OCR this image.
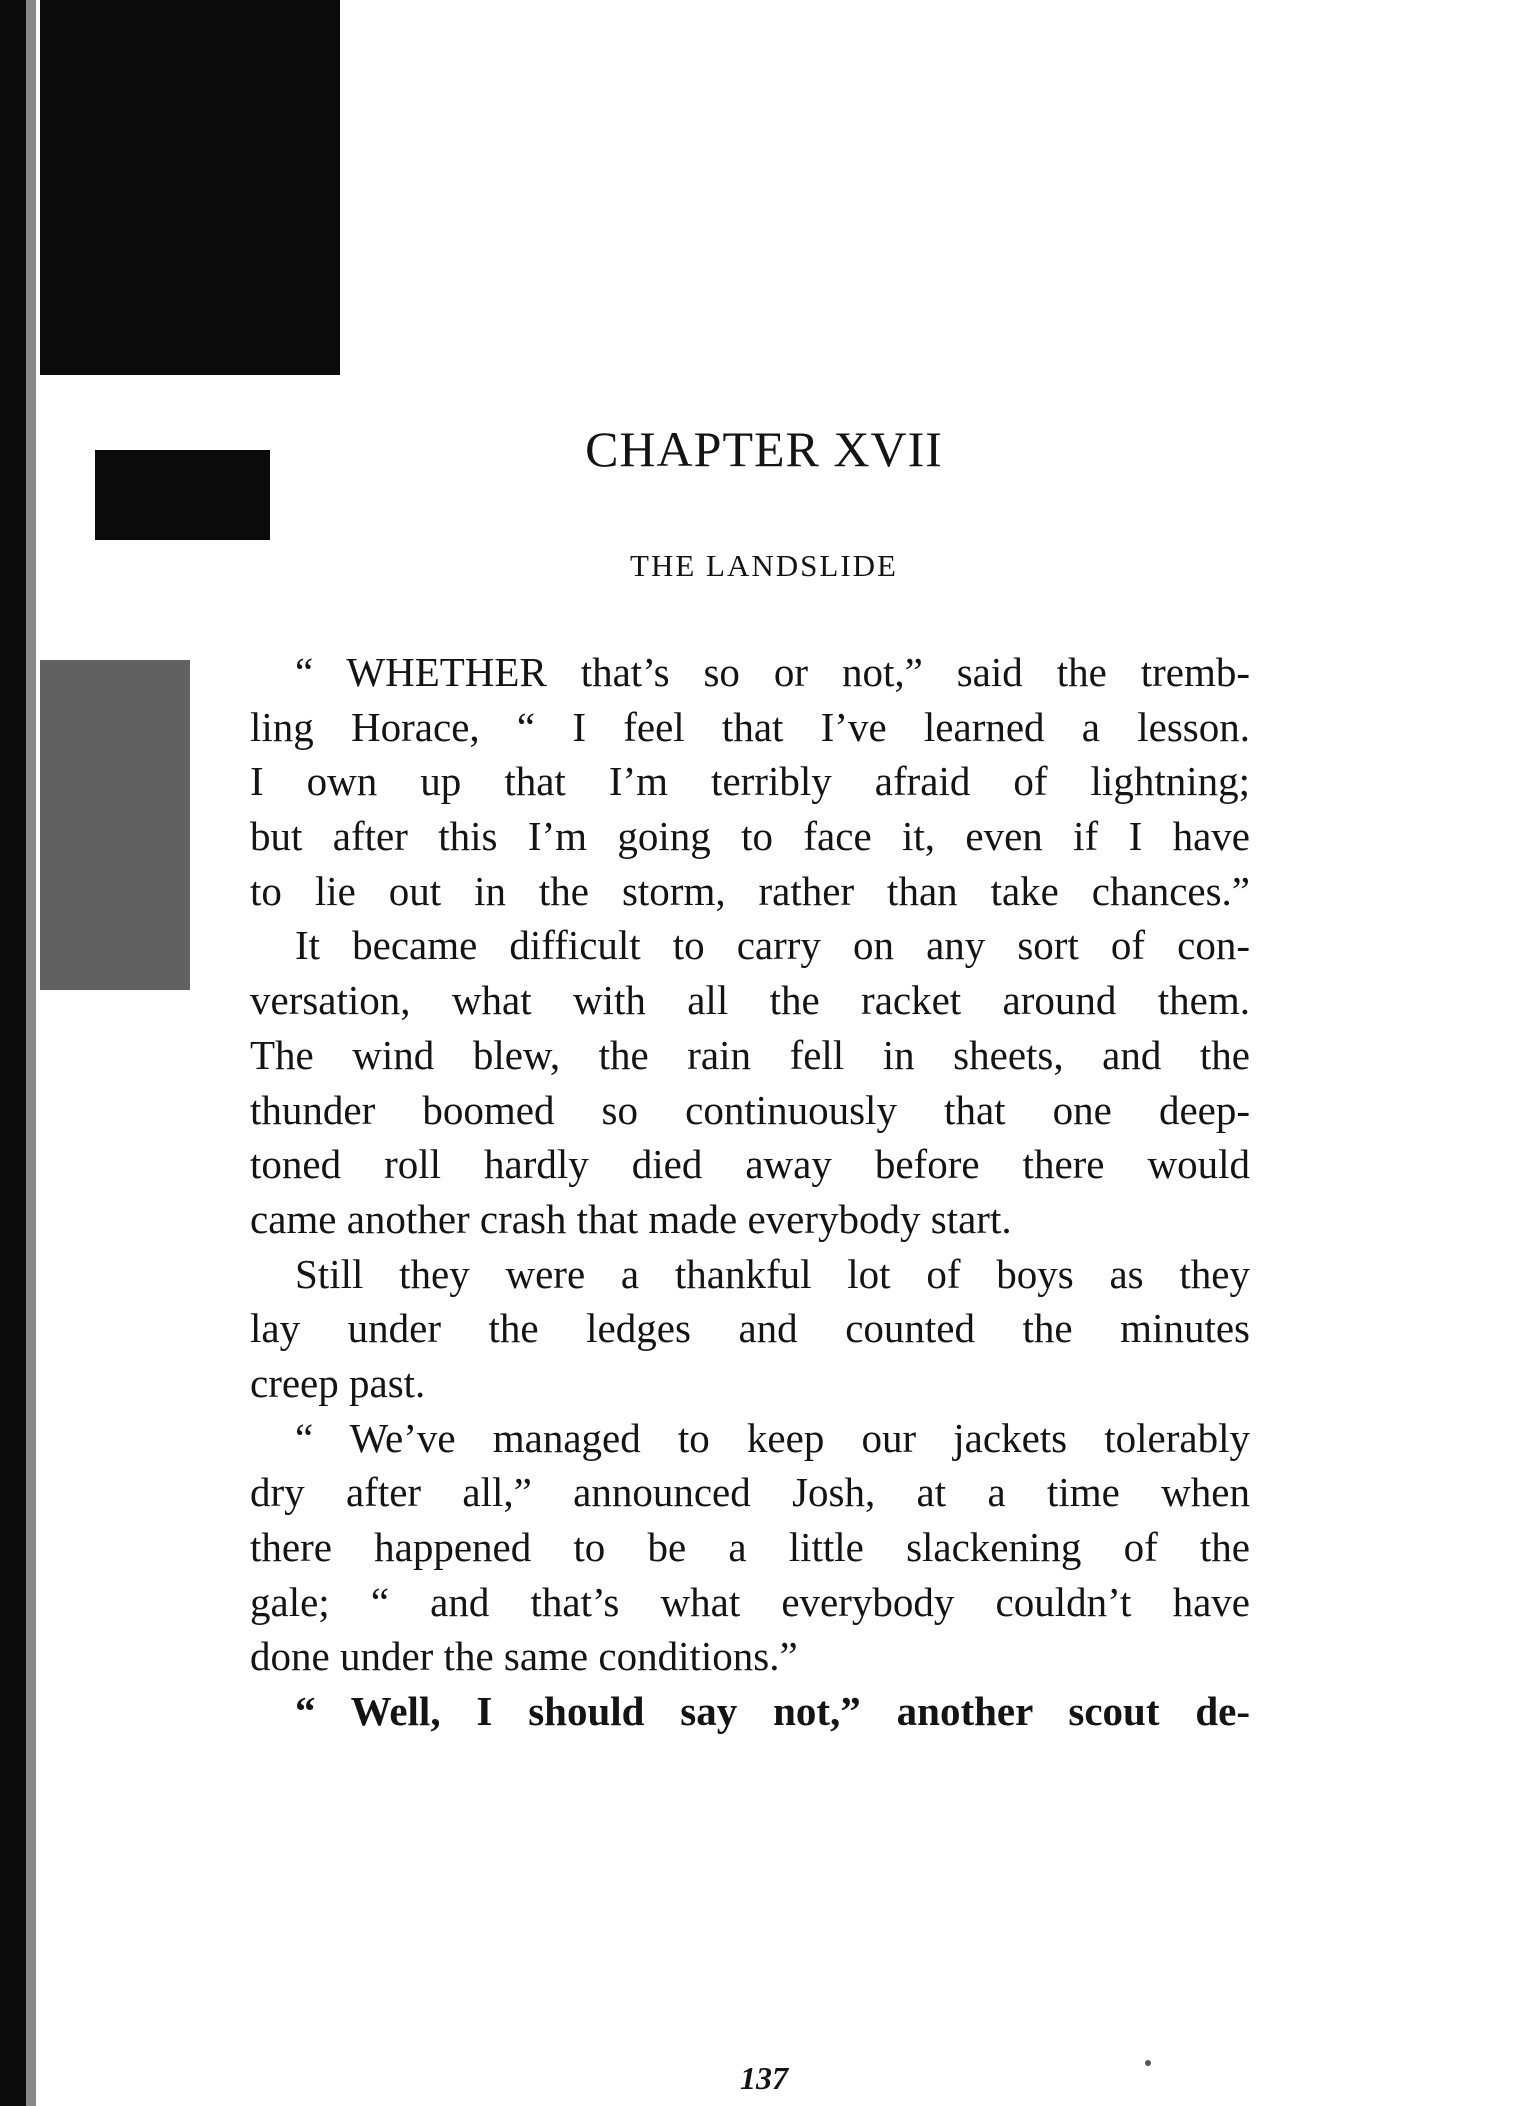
CHAPTER XVII
THE LANDSLIDE
“ WHETHER that’s so or not,” said the tremb-
ling Horace, “ I feel that I’ve learned a lesson.
I own up that I’m terribly afraid of lightning;
but after this I’m going to face it, even if I have
to lie out in the storm, rather than take chances.”
It became difficult to carry on any sort of con-
versation, what with all the racket around them.
The wind blew, the rain fell in sheets, and the
thunder boomed so continuously that one deep-
toned roll hardly died away before there would
came another crash that made everybody start.
Still they were a thankful lot of boys as they
lay under the ledges and counted the minutes
creep past.
“ We’ve managed to keep our jackets tolerably
dry after all,” announced Josh, at a time when
there happened to be a little slackening of the
gale; “ and that’s what everybody couldn’t have
done under the same conditions.”
“ Well, I should say not,” another scout de-
137
